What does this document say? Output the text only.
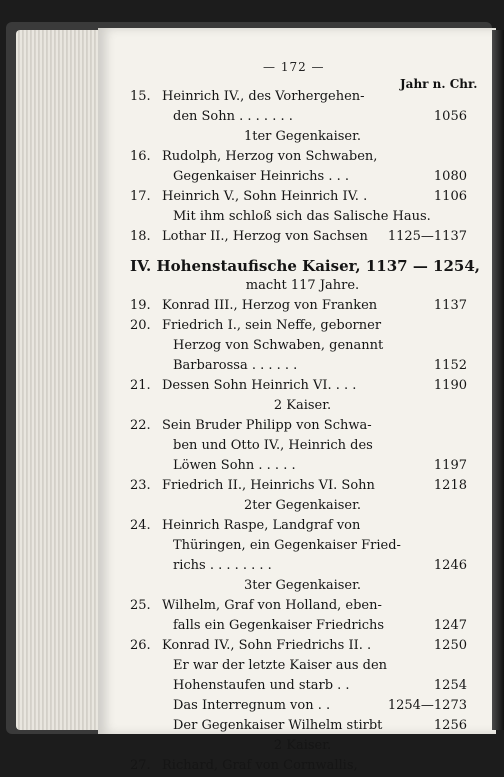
— 172 —
Jahr n. Chr.
15. Heinrich IV., des Vorhergehen-
den Sohn . . . . . . .	1056
1ter Gegenkaiser.
16. Rudolph, Herzog von Schwaben,
Gegenkaiser Heinrichs . . .	1080
17. Heinrich V., Sohn Heinrich IV. .	1106
Mit ihm schloß sich das Salische Haus.
18. Lothar II., Herzog von Sachsen 1125—1137
IV. Hohenstaufische Kaiser, 1137 — 1254,
macht 117 Jahre.
19. Konrad III., Herzog von Franken	1137
20. Friedrich I., sein Neffe, geborner
Herzog von Schwaben, genannt
Barbarossa . . . . . .	1152
21. Dessen Sohn Heinrich VI. . . .	1190
2 Kaiser.
22. Sein Bruder Philipp von Schwa-
ben und Otto IV., Heinrich des
Löwen Sohn . . . . .	1197
23. Friedrich II., Heinrichs VI. Sohn	1218
2ter Gegenkaiser.
24. Heinrich Raspe, Landgraf von
Thüringen, ein Gegenkaiser Fried-
richs . . . . . . . .	1246
3ter Gegenkaiser.
25. Wilhelm, Graf von Holland, eben-
falls ein Gegenkaiser Friedrichs	1247
26. Konrad IV., Sohn Friedrichs II. .	1250
Er war der letzte Kaiser aus den
Hohenstaufen und starb . .	1254
Das Interregnum von . .	1254—1273
Der Gegenkaiser Wilhelm stirbt	1256
2 Kaiser.
27. Richard, Graf von Cornwallis,
